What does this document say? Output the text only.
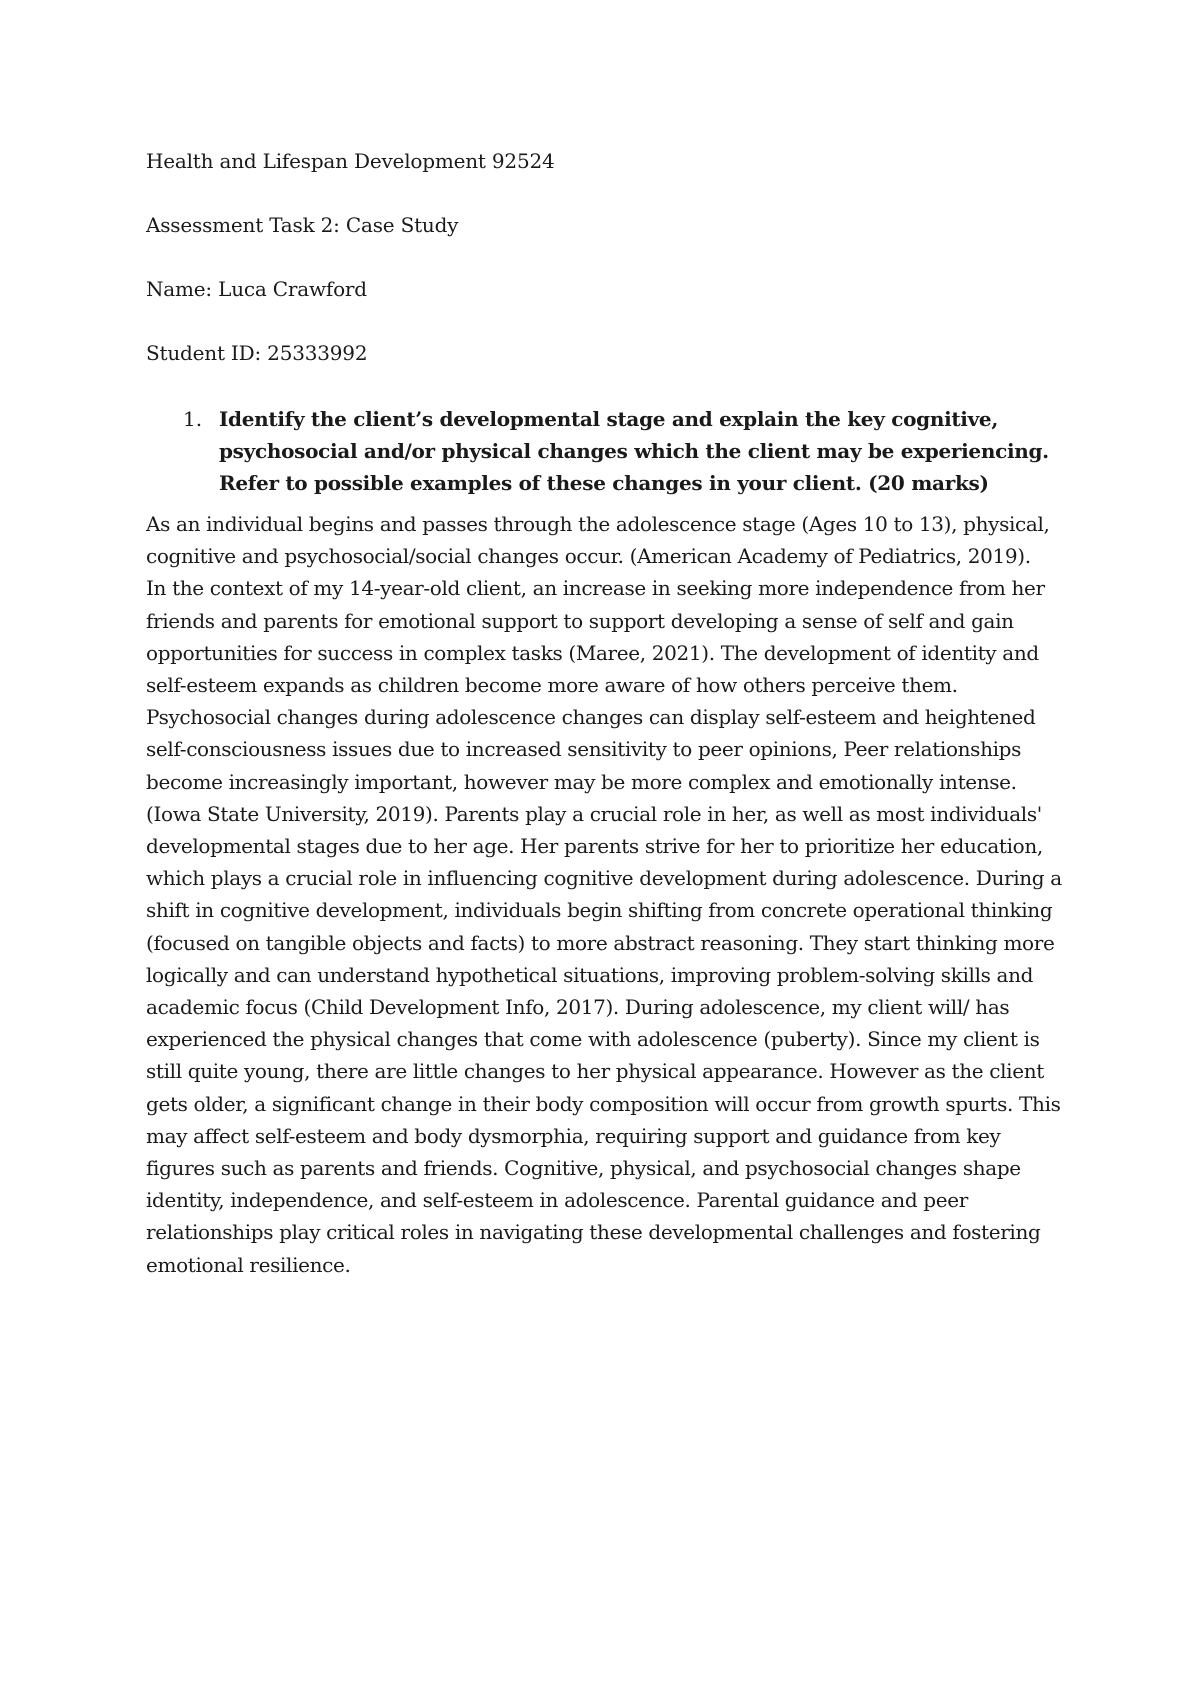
Health and Lifespan Development 92524
Assessment Task 2: Case Study
Name: Luca Crawford
Student ID: 25333992
1. Identify the client’s developmental stage and explain the key cognitive,
psychosocial and/or physical changes which the client may be experiencing.
Refer to possible examples of these changes in your client. (20 marks)
As an individual begins and passes through the adolescence stage (Ages 10 to 13), physical,
cognitive and psychosocial/social changes occur. (American Academy of Pediatrics, 2019).
In the context of my 14-year-old client, an increase in seeking more independence from her
friends and parents for emotional support to support developing a sense of self and gain
opportunities for success in complex tasks (Maree, 2021). The development of identity and
self-esteem expands as children become more aware of how others perceive them.
Psychosocial changes during adolescence changes can display self-esteem and heightened
self-consciousness issues due to increased sensitivity to peer opinions, Peer relationships
become increasingly important, however may be more complex and emotionally intense.
(Iowa State University, 2019). Parents play a crucial role in her, as well as most individuals'
developmental stages due to her age. Her parents strive for her to prioritize her education,
which plays a crucial role in influencing cognitive development during adolescence. During a
shift in cognitive development, individuals begin shifting from concrete operational thinking
(focused on tangible objects and facts) to more abstract reasoning. They start thinking more
logically and can understand hypothetical situations, improving problem-solving skills and
academic focus (Child Development Info, 2017). During adolescence, my client will/ has
experienced the physical changes that come with adolescence (puberty). Since my client is
still quite young, there are little changes to her physical appearance. However as the client
gets older, a significant change in their body composition will occur from growth spurts. This
may affect self-esteem and body dysmorphia, requiring support and guidance from key
figures such as parents and friends. Cognitive, physical, and psychosocial changes shape
identity, independence, and self-esteem in adolescence. Parental guidance and peer
relationships play critical roles in navigating these developmental challenges and fostering
emotional resilience.
